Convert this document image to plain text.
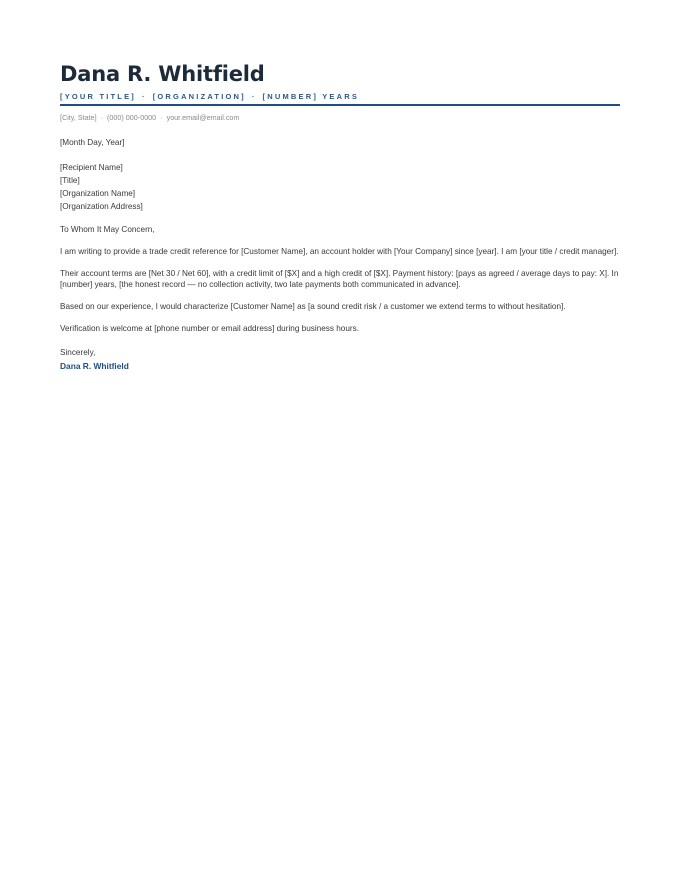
Dana R. Whitfield
[YOUR TITLE] · [ORGANIZATION] · [NUMBER] YEARS
[City, State] · (000) 000-0000 · your.email@email.com
[Month Day, Year]
[Recipient Name]
[Title]
[Organization Name]
[Organization Address]
To Whom It May Concern,
I am writing to provide a trade credit reference for [Customer Name], an account holder with [Your Company] since [year]. I am [your title / credit manager].
Their account terms are [Net 30 / Net 60], with a credit limit of [$X] and a high credit of [$X]. Payment history: [pays as agreed / average days to pay: X]. In [number] years, [the honest record — no collection activity, two late payments both communicated in advance].
Based on our experience, I would characterize [Customer Name] as [a sound credit risk / a customer we extend terms to without hesitation].
Verification is welcome at [phone number or email address] during business hours.
Sincerely,
Dana R. Whitfield
